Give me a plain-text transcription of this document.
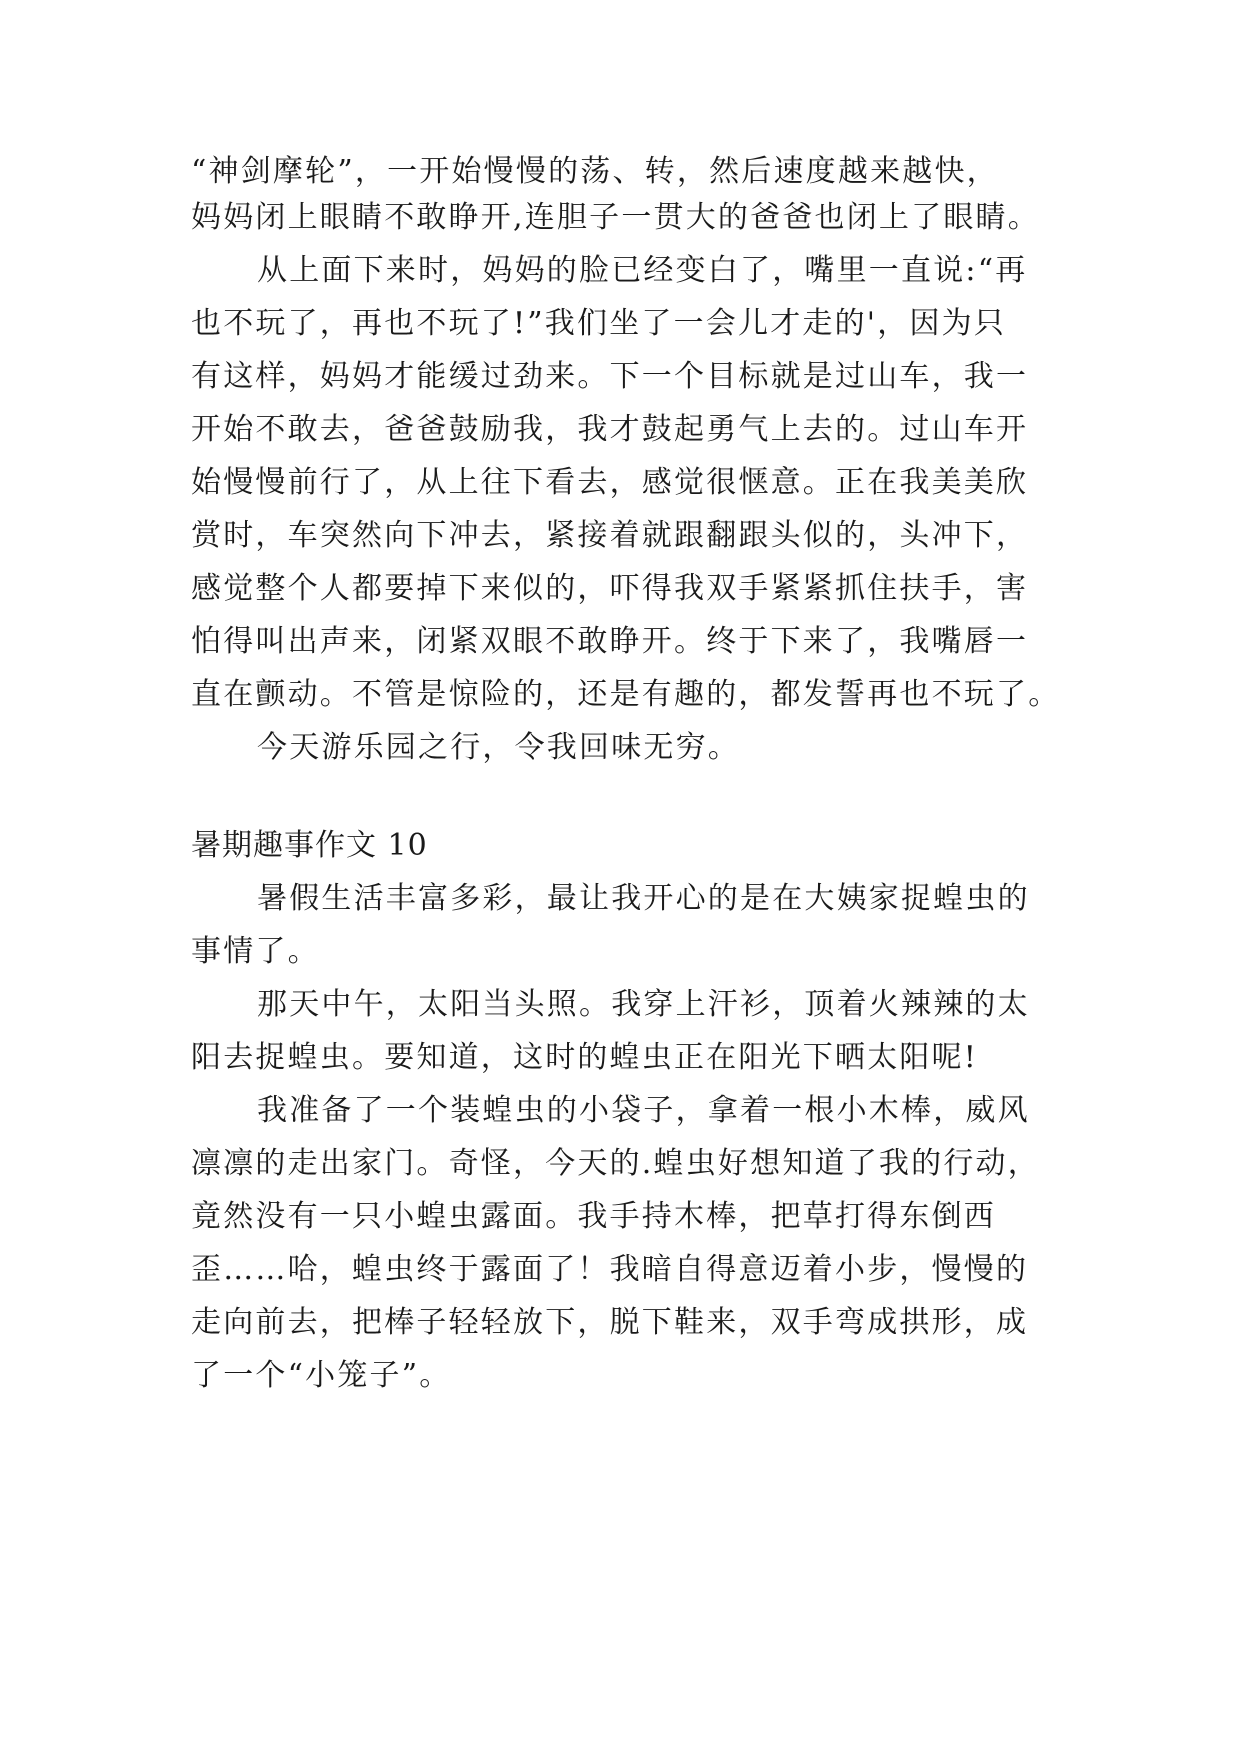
“神剑摩轮”，一开始慢慢的荡、转，然后速度越来越快，
妈妈闭上眼睛不敢睁开,连胆子一贯大的爸爸也闭上了眼睛。
从上面下来时，妈妈的脸已经变白了，嘴里一直说:“再
也不玩了，再也不玩了!”我们坐了一会儿才走的'，因为只
有这样，妈妈才能缓过劲来。下一个目标就是过山车，我一
开始不敢去，爸爸鼓励我，我才鼓起勇气上去的。过山车开
始慢慢前行了，从上往下看去，感觉很惬意。正在我美美欣
赏时，车突然向下冲去，紧接着就跟翻跟头似的，头冲下，
感觉整个人都要掉下来似的，吓得我双手紧紧抓住扶手，害
怕得叫出声来，闭紧双眼不敢睁开。终于下来了，我嘴唇一
直在颤动。不管是惊险的，还是有趣的，都发誓再也不玩了。
今天游乐园之行，令我回味无穷。
暑期趣事作文 10
暑假生活丰富多彩，最让我开心的是在大姨家捉蝗虫的
事情了。
那天中午，太阳当头照。我穿上汗衫，顶着火辣辣的太
阳去捉蝗虫。要知道，这时的蝗虫正在阳光下晒太阳呢!
我准备了一个装蝗虫的小袋子，拿着一根小木棒，威风
凛凛的走出家门。奇怪，今天的.蝗虫好想知道了我的行动，
竟然没有一只小蝗虫露面。我手持木棒，把草打得东倒西
歪……哈，蝗虫终于露面了！我暗自得意迈着小步，慢慢的
走向前去，把棒子轻轻放下，脱下鞋来，双手弯成拱形，成
了一个“小笼子”。
